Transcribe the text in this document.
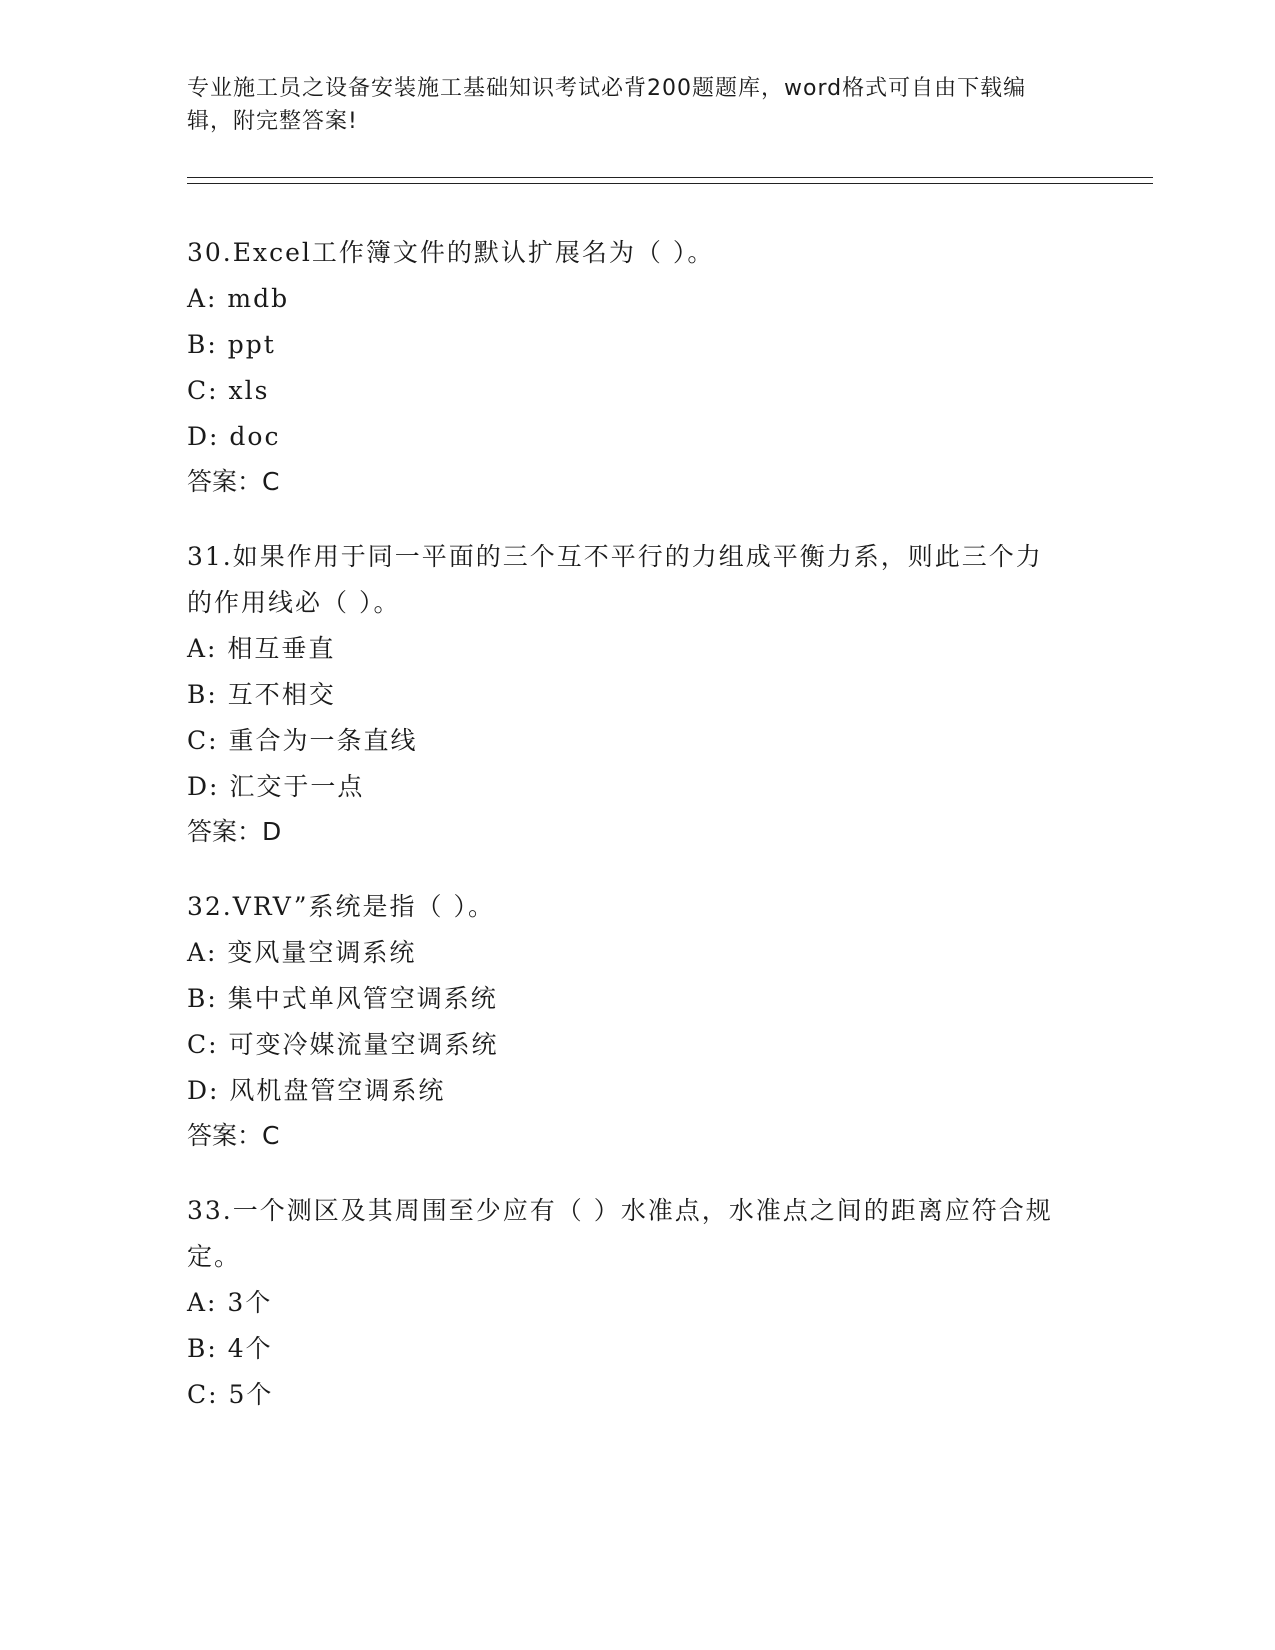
专业施工员之设备安装施工基础知识考试必背200题题库，word格式可自由下载编辑，附完整答案!

30.Excel工作簿文件的默认扩展名为（ ）。

A: mdb

B: ppt

C: xls

D: doc

答案：C

31.如果作用于同一平面的三个互不平行的力组成平衡力系，则此三个力的作用线必（ ）。

A: 相互垂直

B: 互不相交

C: 重合为一条直线

D: 汇交于一点

答案：D

32.VRV”系统是指（ ）。

A: 变风量空调系统

B: 集中式单风管空调系统

C: 可变冷媒流量空调系统

D: 风机盘管空调系统

答案：C

33.一个测区及其周围至少应有（ ）水准点，水准点之间的距离应符合规定。

A: 3个

B: 4个

C: 5个
